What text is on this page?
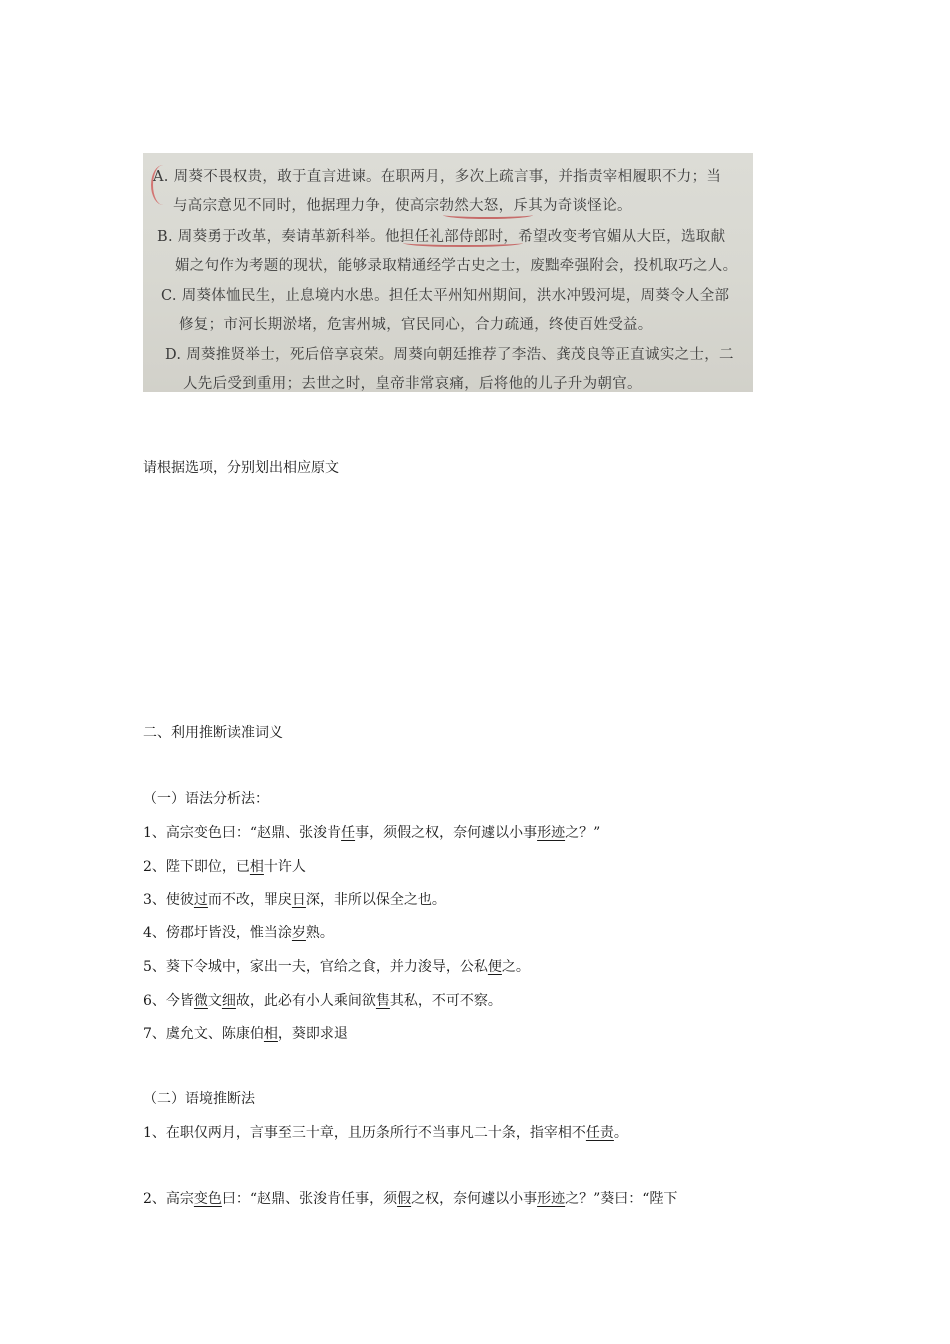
A. 周葵不畏权贵，敢于直言进谏。在职两月，多次上疏言事，并指责宰相履职不力；当
与高宗意见不同时，他据理力争，使高宗勃然大怒，斥其为奇谈怪论。
B. 周葵勇于改革，奏请革新科举。他担任礼部侍郎时，希望改变考官媚从大臣，选取献
媚之句作为考题的现状，能够录取精通经学古史之士，废黜牵强附会，投机取巧之人。
C. 周葵体恤民生，止息境内水患。担任太平州知州期间，洪水冲毁河堤，周葵令人全部
修复；市河长期淤堵，危害州城，官民同心，合力疏通，终使百姓受益。
D. 周葵推贤举士，死后倍享哀荣。周葵向朝廷推荐了李浩、龚茂良等正直诚实之士，二
人先后受到重用；去世之时，皇帝非常哀痛，后将他的儿子升为朝官。
请根据选项，分别划出相应原文
二、利用推断读准词义
（一）语法分析法：
1、高宗变色曰：“赵鼎、张浚肯任事，须假之权，奈何遽以小事形迹之？”
2、陛下即位，已相十许人
3、使彼过而不改，罪戾日深，非所以保全之也。
4、傍郡圩皆没，惟当涂岁熟。
5、葵下令城中，家出一夫，官给之食，并力浚导，公私便之。
6、今皆微文细故，此必有小人乘间欲售其私，不可不察。
7、虞允文、陈康伯相，葵即求退
（二）语境推断法
1、在职仅两月，言事至三十章，且历条所行不当事凡二十条，指宰相不任责。
2、高宗变色曰：“赵鼎、张浚肯任事，须假之权，奈何遽以小事形迹之？”葵曰：“陛下
